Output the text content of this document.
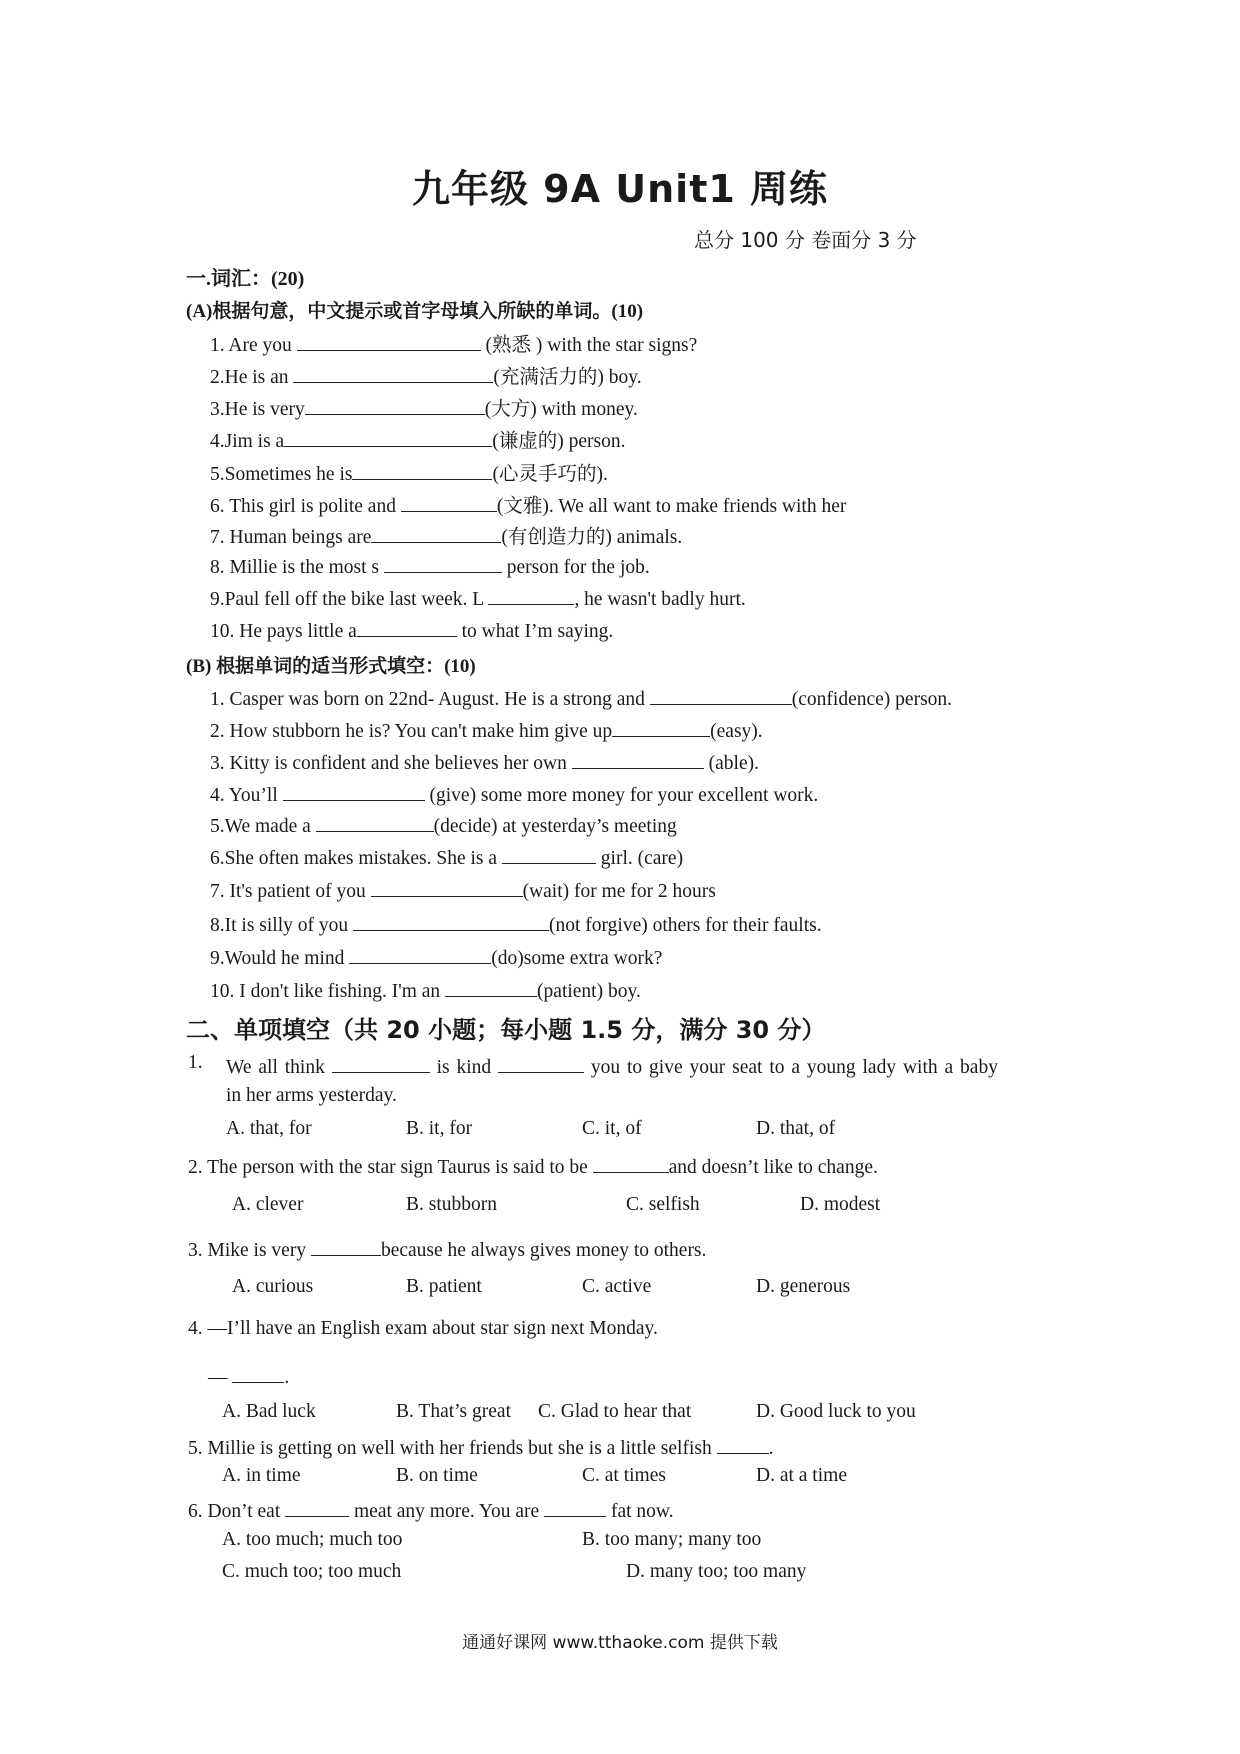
九年级 9A Unit1 周练
总分 100 分 卷面分 3 分
一.词汇：(20)
(A)根据句意，中文提示或首字母填入所缺的单词。(10)
1. Are you	(熟悉 ) with the star signs?
2.He is an	(充满活力的) boy.
3.He is very	(大方) with money.
4.Jim is a	(谦虚的) person.
5.Sometimes he is	(心灵手巧的).
6. This girl is polite and	(文雅). We all want to make friends with her
7. Human beings are	(有创造力的) animals.
8. Millie is the most s	person for the job.
9.Paul fell off the bike last week. L	, he wasn't badly hurt.
10. He pays little a	to what I’m saying.
(B) 根据单词的适当形式填空：(10)
1. Casper was born on 22nd- August. He is a strong and	(confidence) person.
2. How stubborn he is? You can't make him give up	(easy).
3. Kitty is confident and she believes her own	(able).
4. You’ll	(give) some more money for your excellent work.
5.We made a	(decide) at yesterday’s meeting
6.She often makes mistakes. She is a	girl. (care)
7. It's patient of you	(wait) for me for 2 hours
8.It is silly of you	(not forgive) others for their faults.
9.Would he mind	(do)some extra work?
10. I don't like fishing. I'm an	(patient) boy.
二、单项填空（共 20 小题；每小题 1.5 分，满分 30 分）
1. We all think	is kind	you to give your seat to a young lady with a baby
in her arms yesterday.
A. that, for	B. it, for	C. it, of	D. that, of
2. The person with the star sign Taurus is said to be	and doesn’t like to change.
A. clever	B. stubborn	C. selfish	D. modest
3. Mike is very	because he always gives money to others.
A. curious	B. patient	C. active	D. generous
4. —I’ll have an English exam about star sign next Monday.
—	.
A. Bad luck	B. That’s great C. Glad to hear that	D. Good luck to you
5. Millie is getting on well with her friends but she is a little selfish	.
A. in time	B. on time	C. at times	D. at a time
6. Don’t eat	meat any more. You are	fat now.
A. too much; much too	B. too many; many too
C. much too; too much	D. many too; too many
通通好课网 www.tthaoke.com 提供下载
